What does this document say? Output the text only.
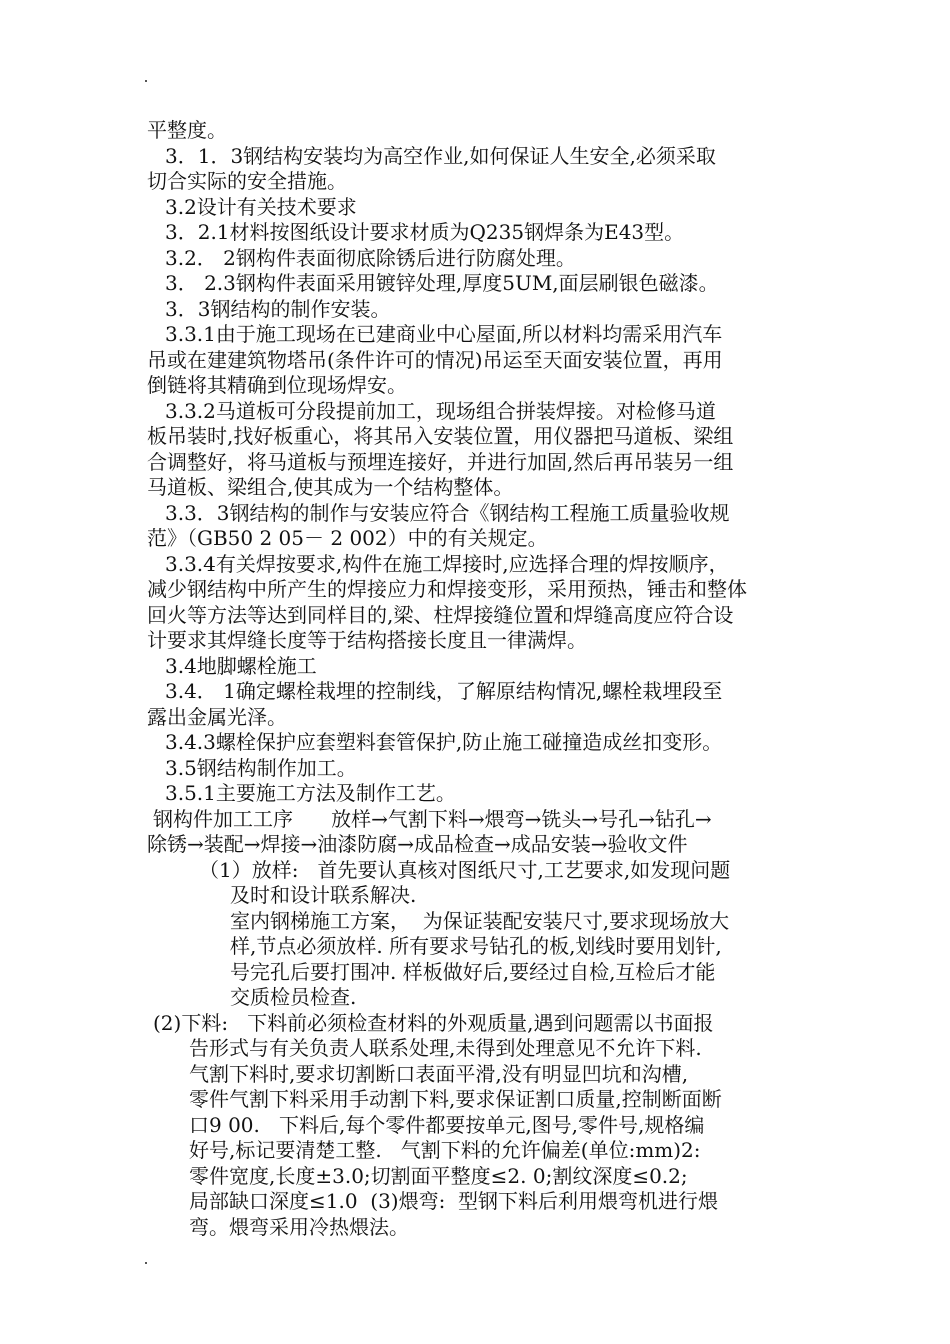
平整度。
3．1．3钢结构安装均为高空作业,如何保证人生安全,必须采取
切合实际的安全措施。
3.2设计有关技术要求
3．2.1材料按图纸设计要求材质为Q235钢焊条为E43型。
3.2． 2钢构件表面彻底除锈后进行防腐处理。
3． 2.3钢构件表面采用镀锌处理,厚度5UM,面层刷银色磁漆。
3．3钢结构的制作安装。
3.3.1由于施工现场在已建商业中心屋面,所以材料均需采用汽车
吊或在建建筑物塔吊(条件许可的情况)吊运至天面安装位置，再用
倒链将其精确到位现场焊安。
3.3.2马道板可分段提前加工，现场组合拼装焊接。对检修马道
板吊装时,找好板重心，将其吊入安装位置，用仪器把马道板、梁组
合调整好，将马道板与预埋连接好，并进行加固,然后再吊装另一组
马道板、梁组合,使其成为一个结构整体。
3.3．3钢结构的制作与安装应符合《钢结构工程施工质量验收规
范》（GB50 2 05－ 2 002）中的有关规定。
3.3.4有关焊按要求,构件在施工焊接时,应选择合理的焊按顺序，
减少钢结构中所产生的焊接应力和焊接变形，采用预热，锤击和整体
回火等方法等达到同样目的,梁、柱焊接缝位置和焊缝高度应符合设
计要求其焊缝长度等于结构搭接长度且一律满焊。
3.4地脚螺栓施工
3.4． 1确定螺栓栽埋的控制线，了解原结构情况,螺栓栽埋段至
露出金属光泽。
3.4.3螺栓保护应套塑料套管保护,防止施工碰撞造成丝扣变形。
3.5钢结构制作加工。
3.5.1主要施工方法及制作工艺。
钢构件加工工序      放样→气割下料→煨弯→铣头→号孔→钻孔→
除锈→装配→焊接→油漆防腐→成品检查→成品安装→验收文件
（1）放样:   首先要认真核对图纸尺寸,工艺要求,如发现问题
及时和设计联系解决.
室内钢梯施工方案，  为保证装配安装尺寸,要求现场放大
样,节点必须放样. 所有要求号钻孔的板,划线时要用划针,
号完孔后要打围冲. 样板做好后,要经过自检,互检后才能
交质检员检查.
(2)下料:   下料前必须检查材料的外观质量,遇到问题需以书面报
告形式与有关负责人联系处理,未得到处理意见不允许下料.
气割下料时,要求切割断口表面平滑,没有明显凹坑和沟槽,
零件气割下料采用手动割下料,要求保证割口质量,控制断面断
口9 00.   下料后,每个零件都要按单元,图号,零件号,规格编
好号,标记要清楚工整.   气割下料的允许偏差(单位:mm)2:
零件宽度,长度±3.0;切割面平整度≤2. 0;割纹深度≤0.2;
局部缺口深度≤1.0  (3)煨弯:  型钢下料后利用煨弯机进行煨
弯。煨弯采用冷热煨法。
